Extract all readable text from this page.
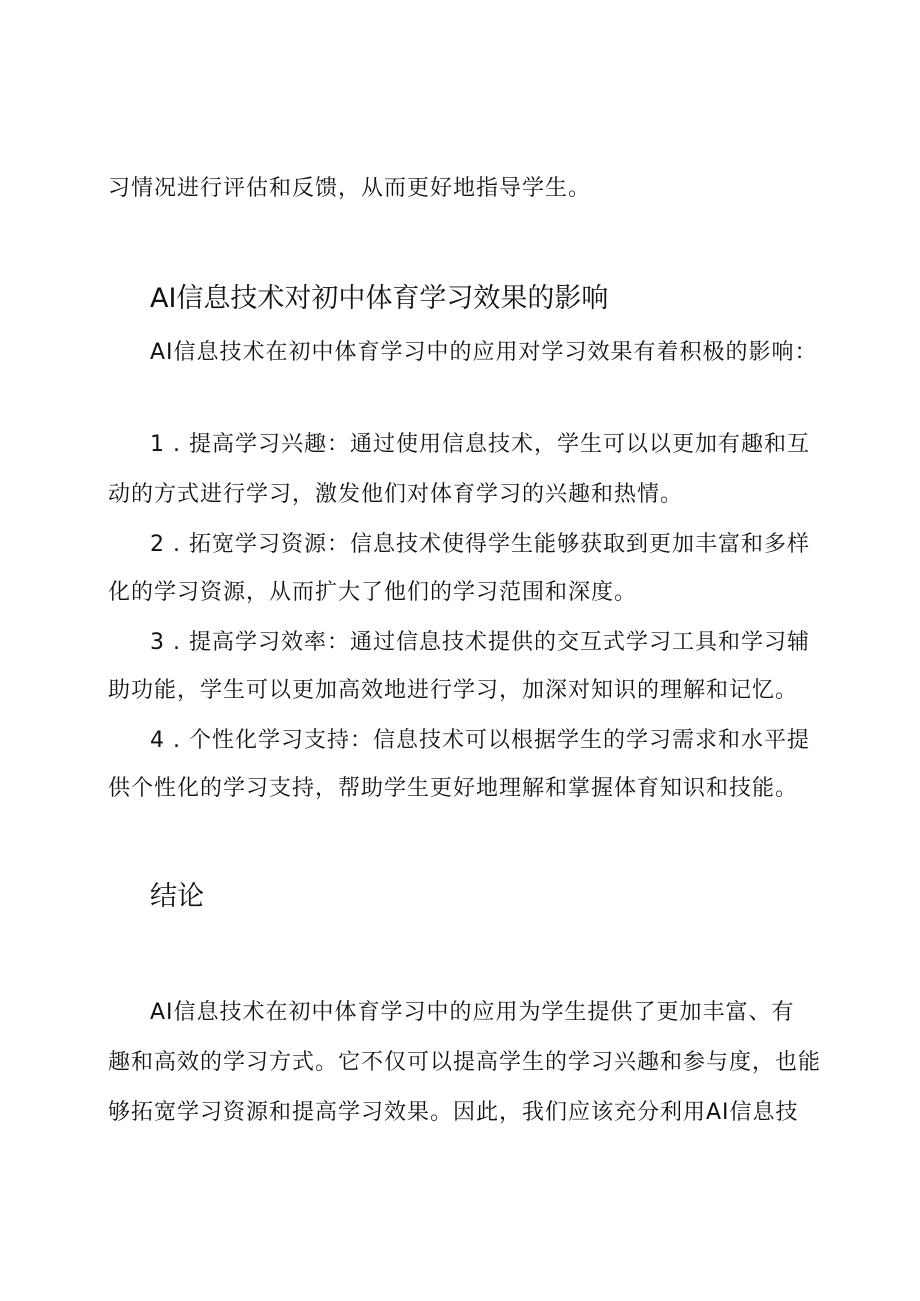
习情况进行评估和反馈，从而更好地指导学生。
AI信息技术对初中体育学习效果的影响
AI信息技术在初中体育学习中的应用对学习效果有着积极的影响：
1 . 提高学习兴趣：通过使用信息技术，学生可以以更加有趣和互
动的方式进行学习，激发他们对体育学习的兴趣和热情。
2 . 拓宽学习资源：信息技术使得学生能够获取到更加丰富和多样
化的学习资源，从而扩大了他们的学习范围和深度。
3 . 提高学习效率：通过信息技术提供的交互式学习工具和学习辅
助功能，学生可以更加高效地进行学习，加深对知识的理解和记忆。
4 . 个性化学习支持：信息技术可以根据学生的学习需求和水平提
供个性化的学习支持，帮助学生更好地理解和掌握体育知识和技能。
结论
AI信息技术在初中体育学习中的应用为学生提供了更加丰富、有
趣和高效的学习方式。它不仅可以提高学生的学习兴趣和参与度，也能
够拓宽学习资源和提高学习效果。因此，我们应该充分利用AI信息技
